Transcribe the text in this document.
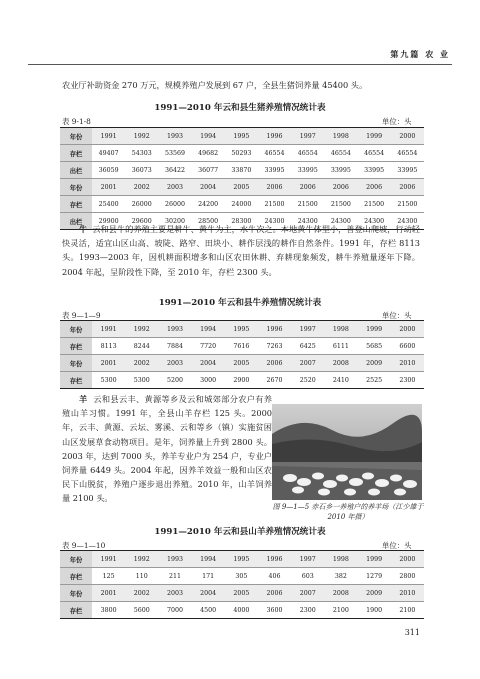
第九篇 农 业

农业厅补助资金 270 万元，规模养殖户发展到 67 户，全县生猪饲养量 45400 头。

1991—2010 年云和县生猪养殖情况统计表
表 9-1-8	单位：头
年份	1991	1992	1993	1994	1995	1996	1997	1998	1999	2000
存栏	49407	54303	53569	49682	50293	46554	46554	46554	46554	46554
出栏	36059	36073	36422	36077	33870	33995	33995	33995	33995	33995
年份	2001	2002	2003	2004	2005	2006	2006	2006	2006	2006
存栏	25400	26000	26000	24200	24000	21500	21500	21500	21500	21500
出栏	29900	29600	30200	28500	28300	24300	24300	24300	24300	24300

牛 云和县牛的养殖主要是耕牛、黄牛为主，水牛次之。本地黄牛体型小，善登山爬坡，行动轻快灵活，适宜山区山高、坡陡、路窄、田块小、耕作层浅的耕作自然条件。1991 年，存栏 8113 头。1993—2003 年，因机耕面积增多和山区农田休耕、弃耕现象频发，耕牛养殖量逐年下降。2004 年起，呈阶段性下降，至 2010 年，存栏 2300 头。

1991—2010 年云和县牛养殖情况统计表
表 9—1—9	单位：头
年份	1991	1992	1993	1994	1995	1996	1997	1998	1999	2000
存栏	8113	8244	7884	7720	7616	7263	6425	6111	5685	6600
年份	2001	2002	2003	2004	2005	2006	2007	2008	2009	2010
存栏	5300	5300	5200	3000	2900	2670	2520	2410	2525	2300

羊 云和县云丰、黄源等乡及云和城郊部分农户有养殖山羊习惯。1991 年，全县山羊存栏 125 头。2000 年，云丰、黄源、云坛、雾溪、云和等乡（镇）实施贫困山区发展草食动物项目。是年，饲养量上升到 2800 头。2003 年，达到 7000 头，养羊专业户为 254 户，专业户饲养量 6449 头。2004 年起，因养羊效益一般和山区农民下山脱贫，养殖户逐步退出养殖。2010 年，山羊饲养量 2100 头。

图 9—1—5 赤石乡一养殖户的养羊场（江少雄于 2010 年摄）
1991—2010 年云和县山羊养殖情况统计表
表 9—1—10	单位：头
年份	1991	1992	1993	1994	1995	1996	1997	1998	1999	2000
存栏	125	110	211	171	305	406	603	382	1279	2800
年份	2001	2002	2003	2004	2005	2006	2007	2008	2009	2010
存栏	3800	5600	7000	4500	4000	3600	2300	2100	1900	2100
311
